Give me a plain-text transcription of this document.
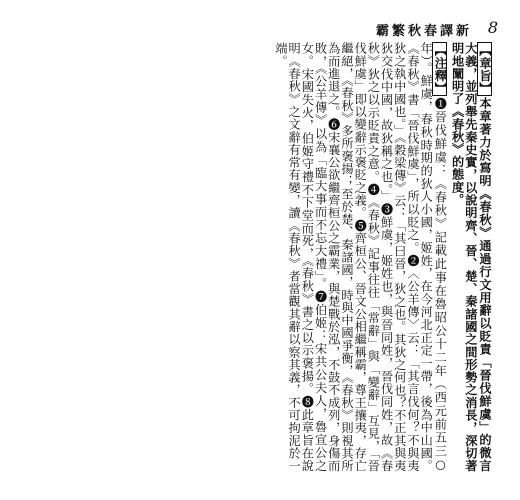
霸繁秋春譯新 8

【章旨】本章著力於寫明《春秋》通過行文用辭以貶責「晉伐鮮虞」的微言大義，並列舉先秦史實，以說明齊、晉、楚、秦諸國之間形勢之消長，深切著明地闡明了《春秋》的態度。

【注釋】❶晉伐鮮虞：《春秋》記載此事在魯昭公十二年（西元前五三○年）。鮮虞，春秋時期的狄人小國，姬姓，在今河北正定一帶，後為中山國。《春秋》書「晉伐鮮虞」，所以貶之。❷〈公羊傳〉云：「其言伐何？不與夷狄之執中國也。」《穀梁傳》云：「其曰晉，狄之也。其狄之何也？不正其與夷狄交伐中國，故狄稱之也。」❸鮮虞，姬姓也，與晉同姓，晉伐同姓，故《春秋》狄之以示貶責之意。❹《春秋》記事往往「常辭」與「變辭」互見，「晉伐鮮虞」即以變辭示褒貶之義。❺齊桓公、晉文公相繼稱霸，尊王攘夷，存亡繼絕，《春秋》多所褒揚；至於楚、秦諸國，時與中國爭衡，《春秋》則視其所為而進退之。❻宋襄公欲繼齊桓公之霸業，與楚戰於泓，不鼓不成列，身傷而敗，《公羊傳》以為「臨大事而不忘大禮」。❼伯姬：宋共公夫人，魯宣公之女。宋國失火，伯姬守禮不下堂而死，《春秋》書之以示褒揚。❽此章旨在說明《春秋》之文辭有常有變，讀《春秋》者當觀其辭以察其義，不可拘泥於一端。
